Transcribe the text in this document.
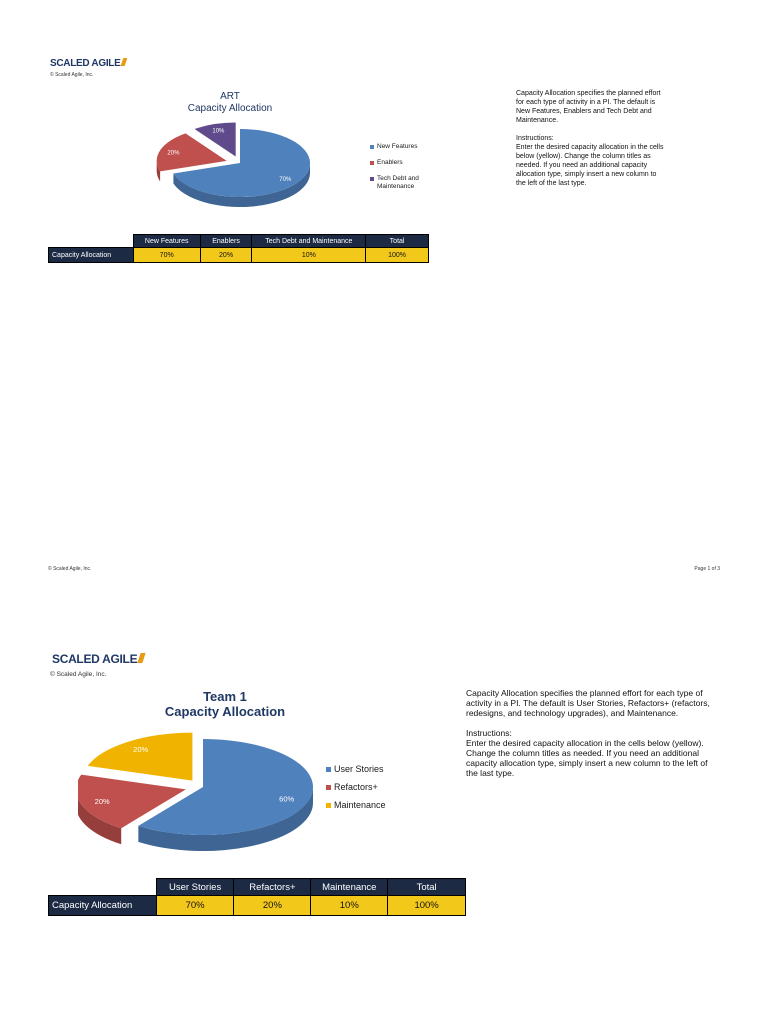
SCALED AGILE
© Scaled Agile, Inc.
ART
Capacity Allocation
70%
20%
10%
New Features
Enablers
Tech Debt and Maintenance

Capacity Allocation specifies the planned effort for each type of activity in a PI. The default is New Features, Enablers and Tech Debt and Maintenance.

Instructions:

Enter the desired capacity allocation in the cells below (yellow). Change the column titles as needed. If you need an additional capacity allocation type, simply insert a new column to the left of the last type.

	New Features	Enablers	Tech Debt and Maintenance	Total
Capacity Allocation	70%	20%	10%	100%
© Scaled Agile, Inc.	Page 1 of 3
SCALED AGILE
© Scaled Agile, Inc.
Team 1
Capacity Allocation
60%
20%
20%
User Stories
Refactors+
Maintenance

Capacity Allocation specifies the planned effort for each type of activity in a PI. The default is User Stories, Refactors+ (refactors, redesigns, and technology upgrades), and Maintenance.

Instructions:

Enter the desired capacity allocation in the cells below (yellow). Change the column titles as needed. If you need an additional capacity allocation type, simply insert a new column to the left of the last type.

	User Stories	Refactors+	Maintenance	Total
Capacity Allocation	70%	20%	10%	100%
